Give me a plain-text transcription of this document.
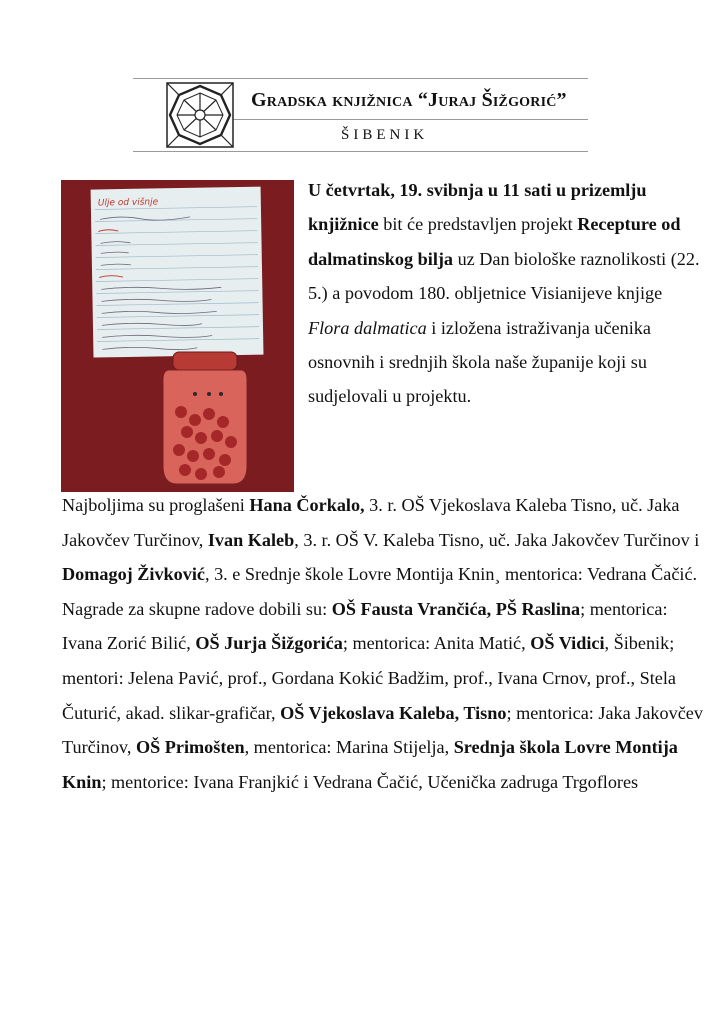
Gradska knjižnica “Juraj Šižgorić”
ŠIBENIK
Ulje od višnje

U četvrtak, 19. svibnja u 11 sati u prizemlju knjižnice bit će predstavljen projekt Recepture od dalmatinskog bilja uz Dan biološke raznolikosti (22. 5.) a povodom 180. obljetnice Visianijeve knjige Flora dalmatica i izložena istraživanja učenika osnovnih i srednjih škola naše županije koji su sudjelovali u projektu.

Najboljima su proglašeni Hana Čorkalo, 3. r. OŠ Vjekoslava Kaleba Tisno, uč. Jaka Jakovčev Turčinov, Ivan Kaleb, 3. r. OŠ V. Kaleba Tisno, uč. Jaka Jakovčev Turčinov i Domagoj Živković, 3. e Srednje škole Lovre Montija Knin¸ mentorica: Vedrana Čačić.

Nagrade za skupne radove dobili su: OŠ Fausta Vrančića, PŠ Raslina; mentorica: Ivana Zorić Bilić, OŠ Jurja Šižgorića; mentorica: Anita Matić, OŠ Vidici, Šibenik; mentori: Jelena Pavić, prof., Gordana Kokić Badžim, prof., Ivana Crnov, prof., Stela Čuturić, akad. slikar-grafičar, OŠ Vjekoslava Kaleba, Tisno; mentorica: Jaka Jakovčev Turčinov, OŠ Primošten, mentorica: Marina Stijelja, Srednja škola Lovre Montija Knin; mentorice: Ivana Franjkić i Vedrana Čačić, Učenička zadruga Trgoflores
